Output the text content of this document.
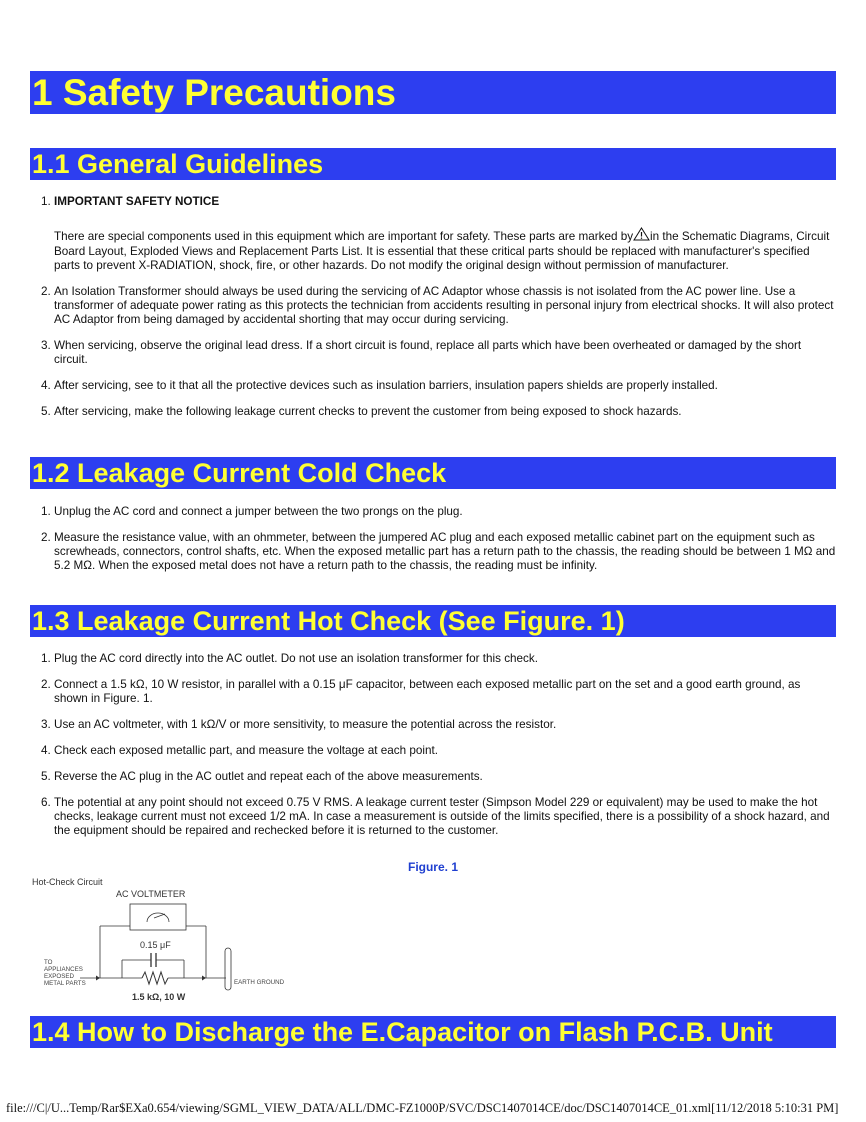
1 Safety Precautions
1.1 General Guidelines
1. IMPORTANT SAFETY NOTICE
There are special components used in this equipment which are important for safety. These parts are marked by in the Schematic Diagrams, Circuit Board Layout, Exploded Views and Replacement Parts List. It is essential that these critical parts should be replaced with manufacturer's specified parts to prevent X-RADIATION, shock, fire, or other hazards. Do not modify the original design without permission of manufacturer.
2. An Isolation Transformer should always be used during the servicing of AC Adaptor whose chassis is not isolated from the AC power line. Use a transformer of adequate power rating as this protects the technician from accidents resulting in personal injury from electrical shocks. It will also protect AC Adaptor from being damaged by accidental shorting that may occur during servicing.
3. When servicing, observe the original lead dress. If a short circuit is found, replace all parts which have been overheated or damaged by the short circuit.
4. After servicing, see to it that all the protective devices such as insulation barriers, insulation papers shields are properly installed.
5. After servicing, make the following leakage current checks to prevent the customer from being exposed to shock hazards.
1.2 Leakage Current Cold Check
1. Unplug the AC cord and connect a jumper between the two prongs on the plug.
2. Measure the resistance value, with an ohmmeter, between the jumpered AC plug and each exposed metallic cabinet part on the equipment such as screwheads, connectors, control shafts, etc. When the exposed metallic part has a return path to the chassis, the reading should be between 1 MΩ and 5.2 MΩ. When the exposed metal does not have a return path to the chassis, the reading must be infinity.
1.3 Leakage Current Hot Check (See Figure. 1)
1. Plug the AC cord directly into the AC outlet. Do not use an isolation transformer for this check.
2. Connect a 1.5 kΩ, 10 W resistor, in parallel with a 0.15 μF capacitor, between each exposed metallic part on the set and a good earth ground, as shown in Figure. 1.
3. Use an AC voltmeter, with 1 kΩ/V or more sensitivity, to measure the potential across the resistor.
4. Check each exposed metallic part, and measure the voltage at each point.
5. Reverse the AC plug in the AC outlet and repeat each of the above measurements.
6. The potential at any point should not exceed 0.75 V RMS. A leakage current tester (Simpson Model 229 or equivalent) may be used to make the hot checks, leakage current must not exceed 1/2 mA. In case a measurement is outside of the limits specified, there is a possibility of a shock hazard, and the equipment should be repaired and rechecked before it is returned to the customer.
Figure. 1
Hot-Check Circuit
AC VOLTMETER
0.15 μF
1.5 kΩ, 10 W
TO
APPLIANCES
EXPOSED
METAL PARTS	EARTH GROUND
1.4 How to Discharge the E.Capacitor on Flash P.C.B. Unit
file:///C|/U...Temp/Rar$EXa0.654/viewing/SGML_VIEW_DATA/ALL/DMC-FZ1000P/SVC/DSC1407014CE/doc/DSC1407014CE_01.xml[11/12/2018 5:10:31 PM]
